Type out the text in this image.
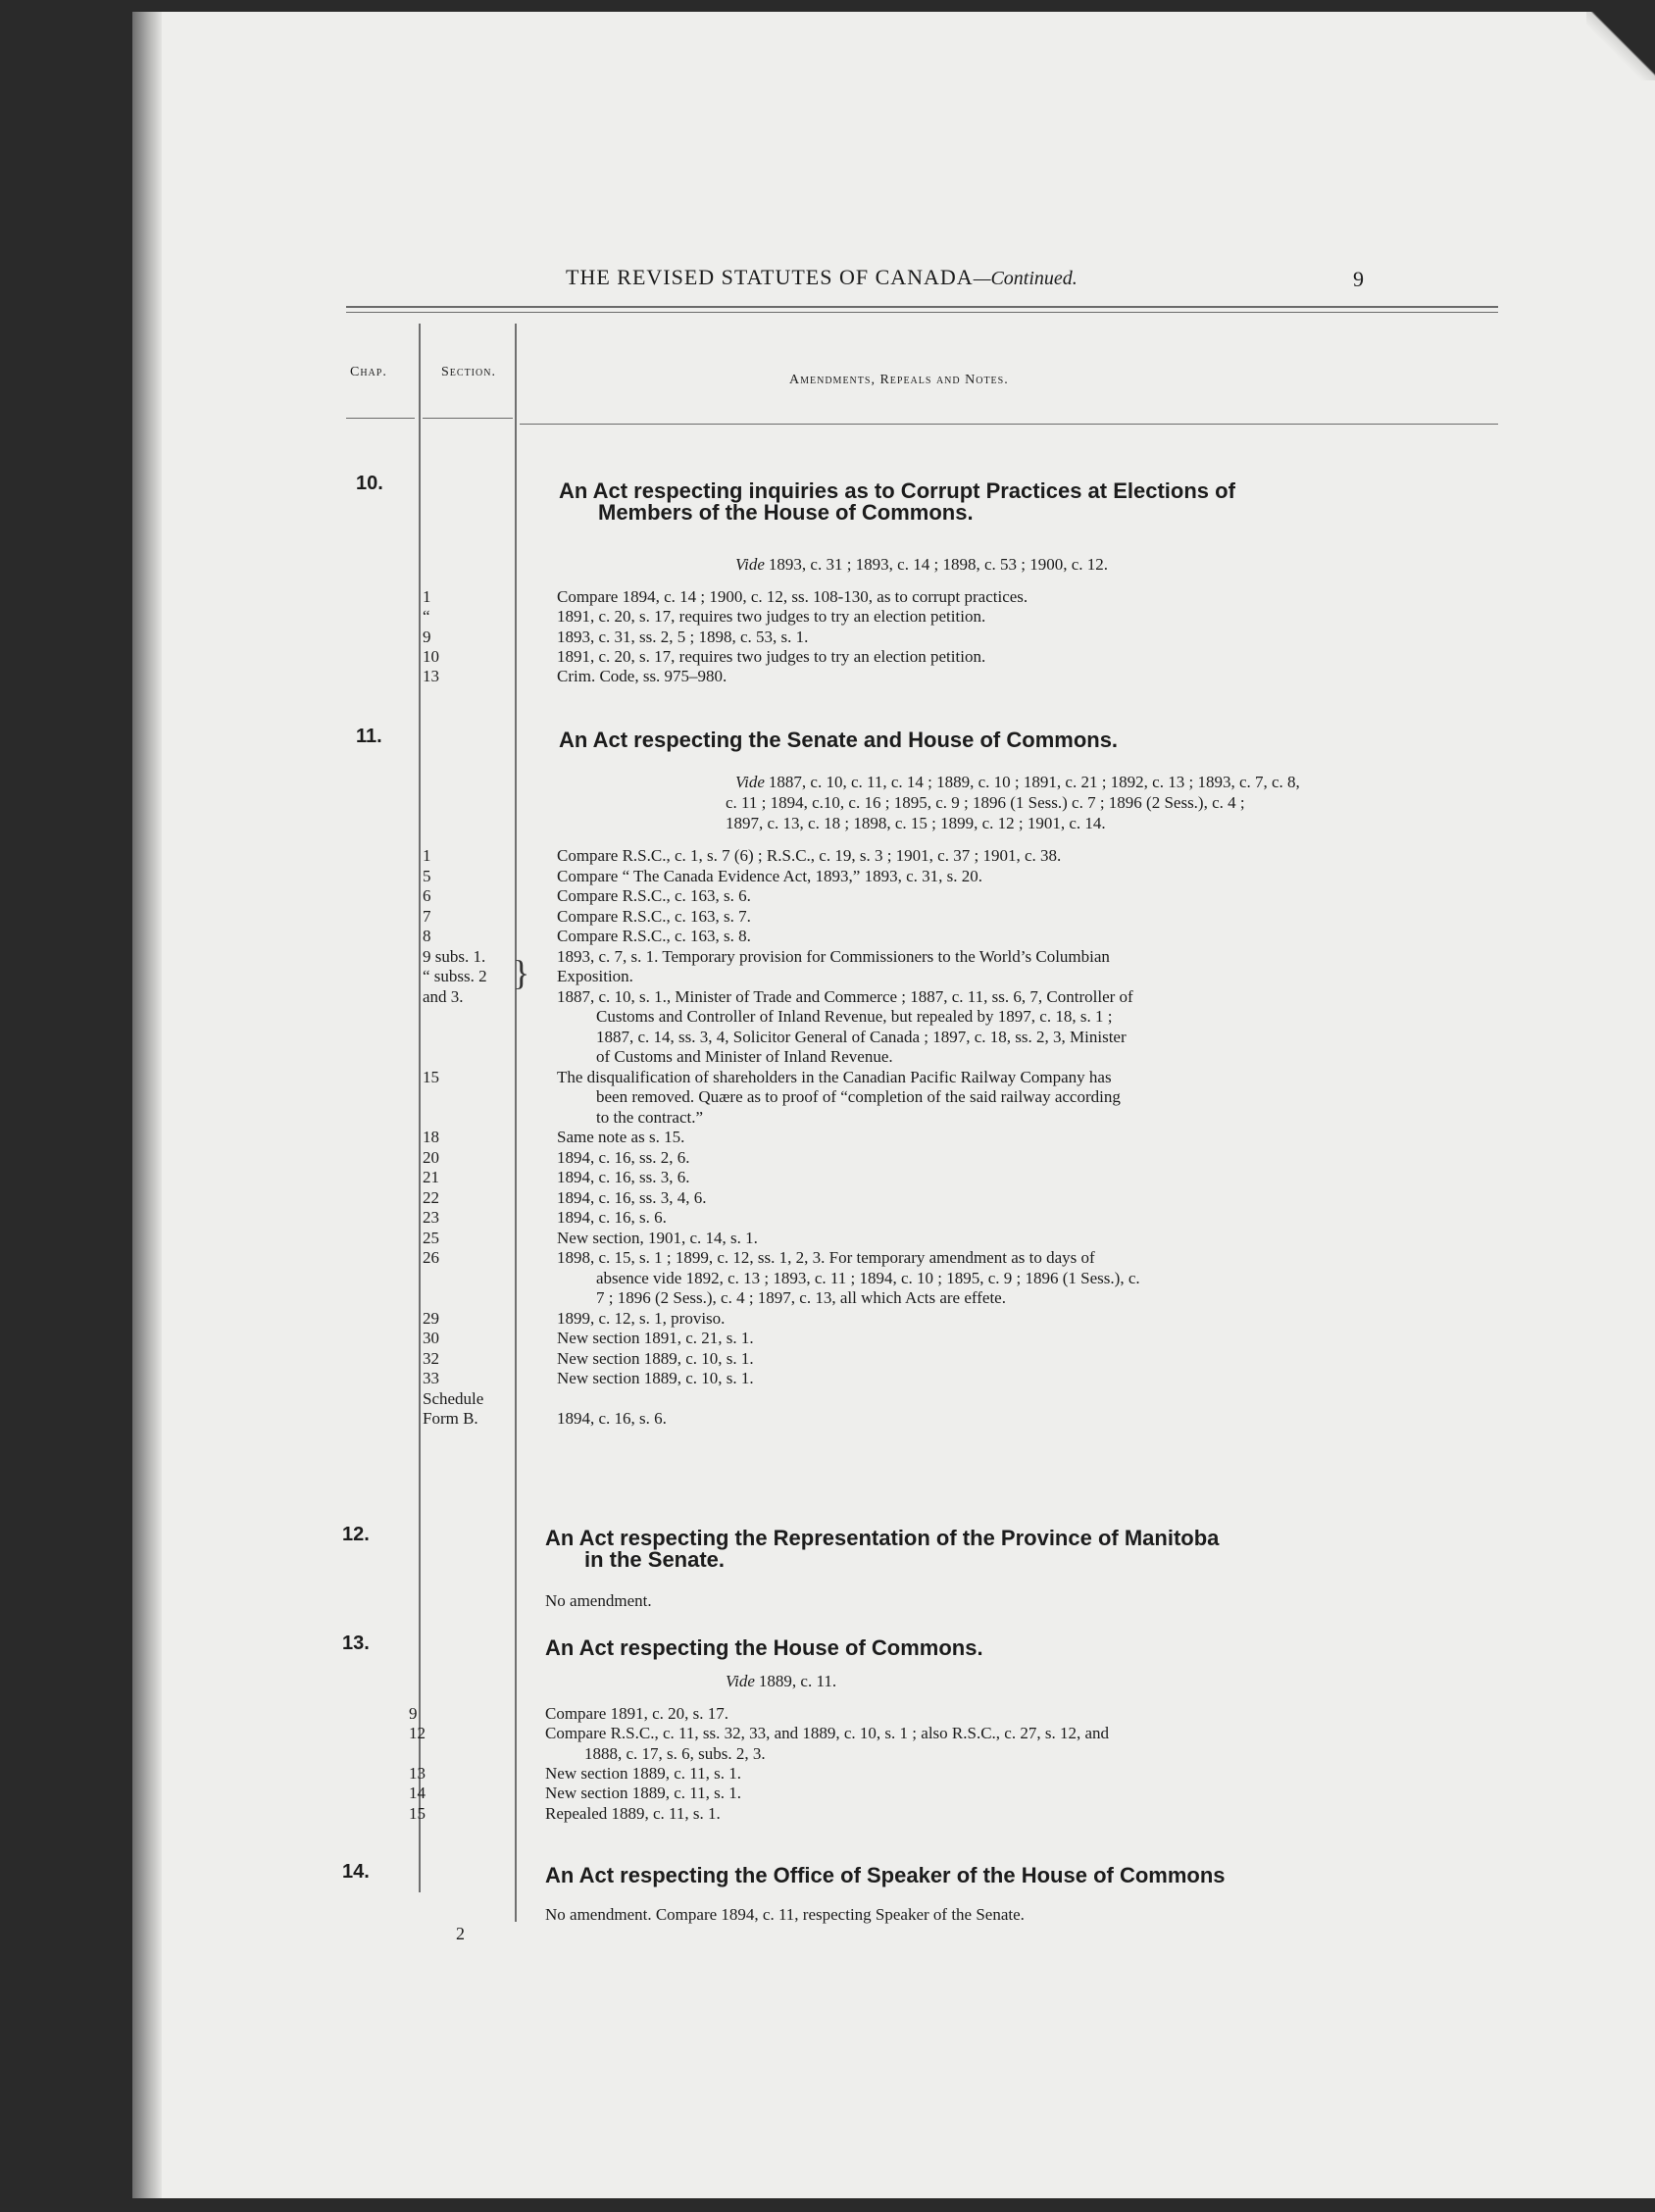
THE REVISED STATUTES OF CANADA—Continued.	9
Chap.	Section.
Amendments, Repeals and Notes.
10.	An Act respecting inquiries as to Corrupt Practices at Elections of
Members of the House of Commons.
Vide 1893, c. 31 ; 1893, c. 14 ; 1898, c. 53 ; 1900, c. 12.
1	Compare 1894, c. 14 ; 1900, c. 12, ss. 108-130, as to corrupt practices.
“	1891, c. 20, s. 17, requires two judges to try an election petition.
9	1893, c. 31, ss. 2, 5 ; 1898, c. 53, s. 1.
10	1891, c. 20, s. 17, requires two judges to try an election petition.
13	Crim. Code, ss. 975–980.
11.	An Act respecting the Senate and House of Commons.
Vide 1887, c. 10, c. 11, c. 14 ; 1889, c. 10 ; 1891, c. 21 ; 1892, c. 13 ; 1893, c. 7, c. 8,
c. 11 ; 1894, c.10, c. 16 ; 1895, c. 9 ; 1896 (1 Sess.) c. 7 ; 1896 (2 Sess.), c. 4 ;
1897, c. 13, c. 18 ; 1898, c. 15 ; 1899, c. 12 ; 1901, c. 14.
1	Compare R.S.C., c. 1, s. 7 (6) ; R.S.C., c. 19, s. 3 ; 1901, c. 37 ; 1901, c. 38.
5	Compare “ The Canada Evidence Act, 1893,” 1893, c. 31, s. 20.
6	Compare R.S.C., c. 163, s. 6.
7	Compare R.S.C., c. 163, s. 7.
8	Compare R.S.C., c. 163, s. 8.
9 subs. 1.	1893, c. 7, s. 1. Temporary provision for Commissioners to the World’s Columbian
“ subss. 2	Exposition.
and 3.	1887, c. 10, s. 1., Minister of Trade and Commerce ; 1887, c. 11, ss. 6, 7, Controller of
Customs and Controller of Inland Revenue, but repealed by 1897, c. 18, s. 1 ;
1887, c. 14, ss. 3, 4, Solicitor General of Canada ; 1897, c. 18, ss. 2, 3, Minister
of Customs and Minister of Inland Revenue.
15	The disqualification of shareholders in the Canadian Pacific Railway Company has
been removed. Quære as to proof of “completion of the said railway according
to the contract.”
18	Same note as s. 15.
20	1894, c. 16, ss. 2, 6.
21	1894, c. 16, ss. 3, 6.
22	1894, c. 16, ss. 3, 4, 6.
23	1894, c. 16, s. 6.
25	New section, 1901, c. 14, s. 1.
26	1898, c. 15, s. 1 ; 1899, c. 12, ss. 1, 2, 3. For temporary amendment as to days of
absence vide 1892, c. 13 ; 1893, c. 11 ; 1894, c. 10 ; 1895, c. 9 ; 1896 (1 Sess.), c.
7 ; 1896 (2 Sess.), c. 4 ; 1897, c. 13, all which Acts are effete.
29	1899, c. 12, s. 1, proviso.
30	New section 1891, c. 21, s. 1.
32	New section 1889, c. 10, s. 1.
33	New section 1889, c. 10, s. 1.
Schedule
Form B.	1894, c. 16, s. 6.
12.	An Act respecting the Representation of the Province of Manitoba
in the Senate.
No amendment.
13.	An Act respecting the House of Commons.
Vide 1889, c. 11.
9	Compare 1891, c. 20, s. 17.
12	Compare R.S.C., c. 11, ss. 32, 33, and 1889, c. 10, s. 1 ; also R.S.C., c. 27, s. 12, and
1888, c. 17, s. 6, subs. 2, 3.
13	New section 1889, c. 11, s. 1.
14	New section 1889, c. 11, s. 1.
15	Repealed 1889, c. 11, s. 1.
14.	An Act respecting the Office of Speaker of the House of Commons
No amendment. Compare 1894, c. 11, respecting Speaker of the Senate.
}
2
